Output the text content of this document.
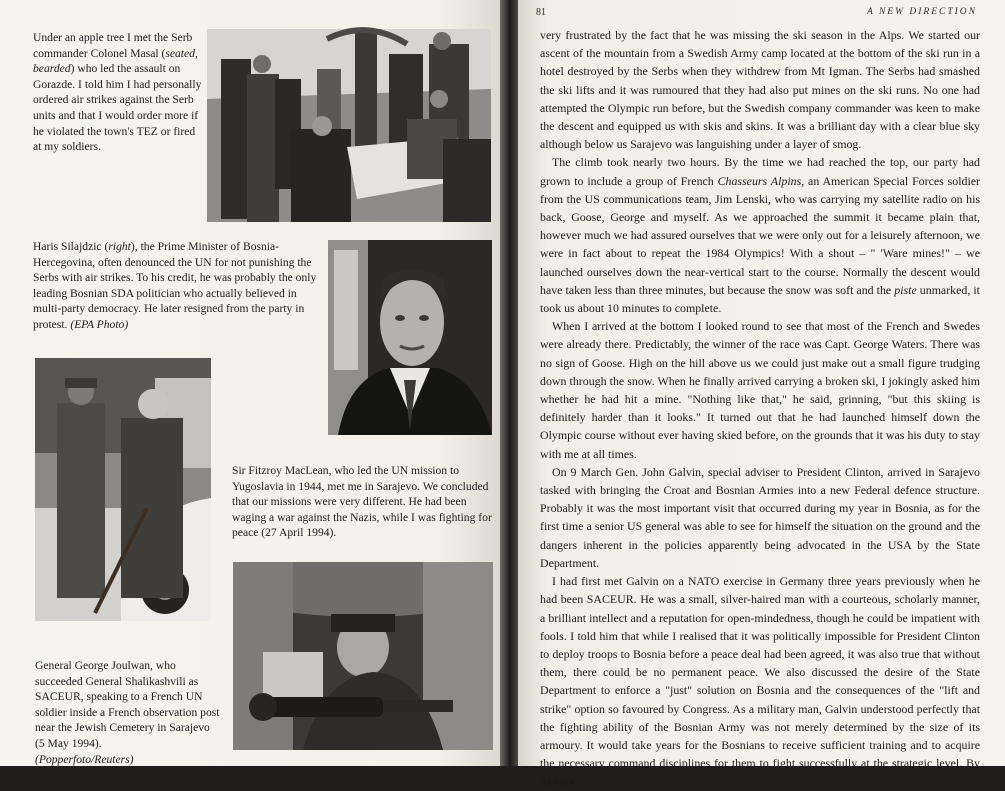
Under an apple tree I met the Serb commander Colonel Masal (seated, bearded) who led the assault on Gorazde. I told him I had personally ordered air strikes against the Serb units and that I would order more if he violated the town's TEZ or fired at my soldiers.

Haris Silajdzic (right), the Prime Minister of Bosnia-Hercegovina, often denounced the UN for not punishing the Serbs with air strikes. To his credit, he was probably the only leading Bosnian SDA politician who actually believed in multi-party democracy. He later resigned from the party in protest. (EPA Photo)

Sir Fitzroy MacLean, who led the UN mission to Yugoslavia in 1944, met me in Sarajevo. We concluded that our missions were very different. He had been waging a war against the Nazis, while I was fighting for peace (27 April 1994).

General George Joulwan, who succeeded General Shalikashvili as SACEUR, speaking to a French UN soldier inside a French observation post near the Jewish Cemetery in Sarajevo (5 May 1994).
(Popperfoto/Reuters)

81	A NEW DIRECTION

very frustrated by the fact that he was missing the ski season in the Alps. We started our ascent of the mountain from a Swedish Army camp located at the bottom of the ski run in a hotel destroyed by the Serbs when they withdrew from Mt Igman. The Serbs had smashed the ski lifts and it was rumoured that they had also put mines on the ski runs. No one had attempted the Olympic run before, but the Swedish company commander was keen to make the descent and equipped us with skis and skins. It was a brilliant day with a clear blue sky although below us Sarajevo was languishing under a layer of smog.

The climb took nearly two hours. By the time we had reached the top, our party had grown to include a group of French Chasseurs Alpins, an American Special Forces soldier from the US communications team, Jim Lenski, who was carrying my satellite radio on his back, Goose, George and myself. As we approached the summit it became plain that, however much we had assured ourselves that we were only out for a leisurely afternoon, we were in fact about to repeat the 1984 Olympics! With a shout – " 'Ware mines!" – we launched ourselves down the near-vertical start to the course. Normally the descent would have taken less than three minutes, but because the snow was soft and the piste unmarked, it took us about 10 minutes to complete.

When I arrived at the bottom I looked round to see that most of the French and Swedes were already there. Predictably, the winner of the race was Capt. George Waters. There was no sign of Goose. High on the hill above us we could just make out a small figure trudging down through the snow. When he finally arrived carrying a broken ski, I jokingly asked him whether he had hit a mine. "Nothing like that," he said, grinning, "but this skiing is definitely harder than it looks." It turned out that he had launched himself down the Olympic course without ever having skied before, on the grounds that it was his duty to stay with me at all times.

On 9 March Gen. John Galvin, special adviser to President Clinton, arrived in Sarajevo tasked with bringing the Croat and Bosnian Armies into a new Federal defence structure. Probably it was the most important visit that occurred during my year in Bosnia, as for the first time a senior US general was able to see for himself the situation on the ground and the dangers inherent in the policies apparently being advocated in the USA by the State Department.

I had first met Galvin on a NATO exercise in Germany three years previously when he had been SACEUR. He was a small, silver-haired man with a courteous, scholarly manner, a brilliant intellect and a reputation for open-mindedness, though he could be impatient with fools. I told him that while I realised that it was politically impossible for President Clinton to deploy troops to Bosnia before a peace deal had been agreed, it was also true that without them, there could be no permanent peace. We also discussed the desire of the State Department to enforce a "just" solution on Bosnia and the consequences of the "lift and strike" option so favoured by Congress. As a military man, Galvin understood perfectly that the fighting ability of the Bosnian Army was not merely determined by the size of its armoury. It would take years for the Bosnians to receive sufficient training and to acquire the necessary command disciplines for them to fight successfully at the strategic level. By its very
